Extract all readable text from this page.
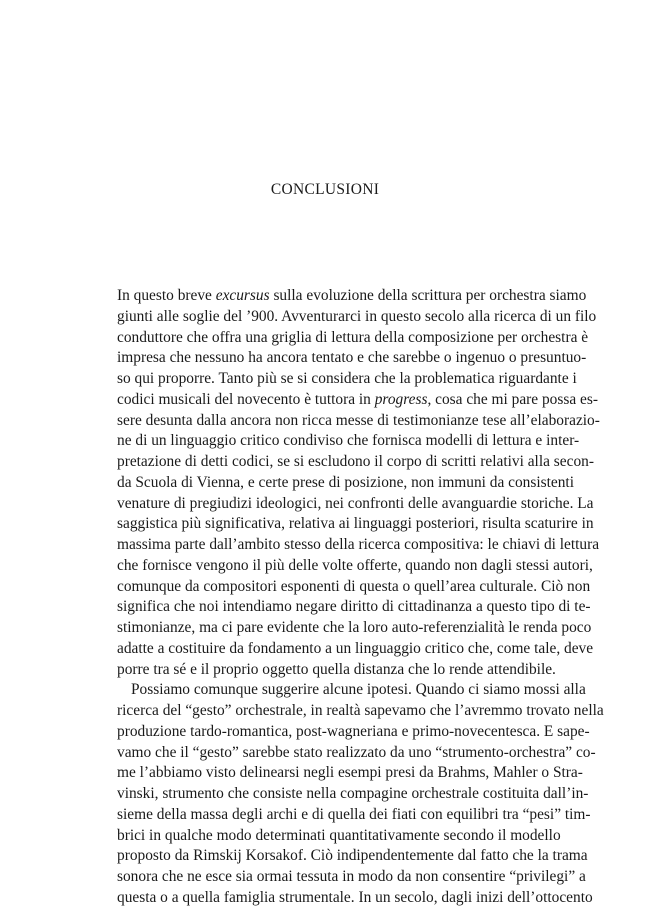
CONCLUSIONI
In questo breve excursus sulla evoluzione della scrittura per orchestra siamo
giunti alle soglie del ’900. Avventurarci in questo secolo alla ricerca di un filo
conduttore che offra una griglia di lettura della composizione per orchestra è
impresa che nessuno ha ancora tentato e che sarebbe o ingenuo o presuntuo-
so qui proporre. Tanto più se si considera che la problematica riguardante i
codici musicali del novecento è tuttora in progress, cosa che mi pare possa es-
sere desunta dalla ancora non ricca messe di testimonianze tese all’elaborazio-
ne di un linguaggio critico condiviso che fornisca modelli di lettura e inter-
pretazione di detti codici, se si escludono il corpo di scritti relativi alla secon-
da Scuola di Vienna, e certe prese di posizione, non immuni da consistenti
venature di pregiudizi ideologici, nei confronti delle avanguardie storiche. La
saggistica più significativa, relativa ai linguaggi posteriori, risulta scaturire in
massima parte dall’ambito stesso della ricerca compositiva: le chiavi di lettura
che fornisce vengono il più delle volte offerte, quando non dagli stessi autori,
comunque da compositori esponenti di questa o quell’area culturale. Ciò non
significa che noi intendiamo negare diritto di cittadinanza a questo tipo di te-
stimonianze, ma ci pare evidente che la loro auto-referenzialità le renda poco
adatte a costituire da fondamento a un linguaggio critico che, come tale, deve
porre tra sé e il proprio oggetto quella distanza che lo rende attendibile.
Possiamo comunque suggerire alcune ipotesi. Quando ci siamo mossi alla
ricerca del “gesto” orchestrale, in realtà sapevamo che l’avremmo trovato nella
produzione tardo-romantica, post-wagneriana e primo-novecentesca. E sape-
vamo che il “gesto” sarebbe stato realizzato da uno “strumento-orchestra” co-
me l’abbiamo visto delinearsi negli esempi presi da Brahms, Mahler o Stra-
vinski, strumento che consiste nella compagine orchestrale costituita dall’in-
sieme della massa degli archi e di quella dei fiati con equilibri tra “pesi” tim-
brici in qualche modo determinati quantitativamente secondo il modello
proposto da Rimskij Korsakof. Ciò indipendentemente dal fatto che la trama
sonora che ne esce sia ormai tessuta in modo da non consentire “privilegi” a
questa o a quella famiglia strumentale. In un secolo, dagli inizi dell’ottocento
